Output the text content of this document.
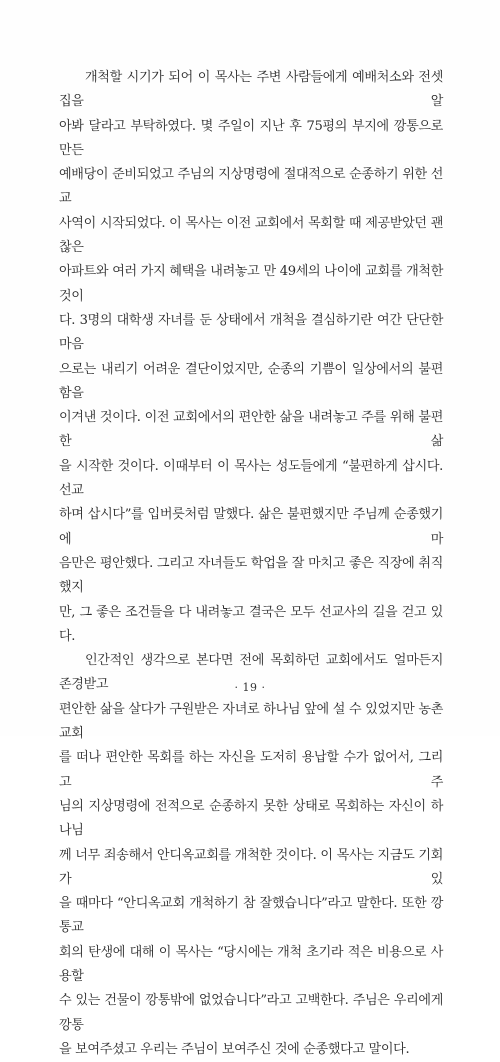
개척할 시기가 되어 이 목사는 주변 사람들에게 예배처소와 전셋집을 알

아봐 달라고 부탁하였다. 몇 주일이 지난 후 75평의 부지에 깡통으로 만든

예배당이 준비되었고 주님의 지상명령에 절대적으로 순종하기 위한 선교

사역이 시작되었다. 이 목사는 이전 교회에서 목회할 때 제공받았던 괜찮은

아파트와 여러 가지 혜택을 내려놓고 만 49세의 나이에 교회를 개척한 것이

다. 3명의 대학생 자녀를 둔 상태에서 개척을 결심하기란 여간 단단한 마음

으로는 내리기 어려운 결단이었지만, 순종의 기쁨이 일상에서의 불편함을

이겨낸 것이다. 이전 교회에서의 편안한 삶을 내려놓고 주를 위해 불편한 삶

을 시작한 것이다. 이때부터 이 목사는 성도들에게 “불편하게 삽시다. 선교

하며 삽시다”를 입버릇처럼 말했다. 삶은 불편했지만 주님께 순종했기에 마

음만은 평안했다. 그리고 자녀들도 학업을 잘 마치고 좋은 직장에 취직했지

만, 그 좋은 조건들을 다 내려놓고 결국은 모두 선교사의 길을 걷고 있다.

인간적인 생각으로 본다면 전에 목회하던 교회에서도 얼마든지 존경받고

편안한 삶을 살다가 구원받은 자녀로 하나님 앞에 설 수 있었지만 농촌 교회

를 떠나 편안한 목회를 하는 자신을 도저히 용납할 수가 없어서, 그리고 주

님의 지상명령에 전적으로 순종하지 못한 상태로 목회하는 자신이 하나님

께 너무 죄송해서 안디옥교회를 개척한 것이다. 이 목사는 지금도 기회가 있

을 때마다 “안디옥교회 개척하기 참 잘했습니다”라고 말한다. 또한 깡통교

회의 탄생에 대해 이 목사는 “당시에는 개척 초기라 적은 비용으로 사용할

수 있는 건물이 깡통밖에 없었습니다”라고 고백한다. 주님은 우리에게 깡통

을 보여주셨고 우리는 주님이 보여주신 것에 순종했다고 말이다.

· 19 ·
